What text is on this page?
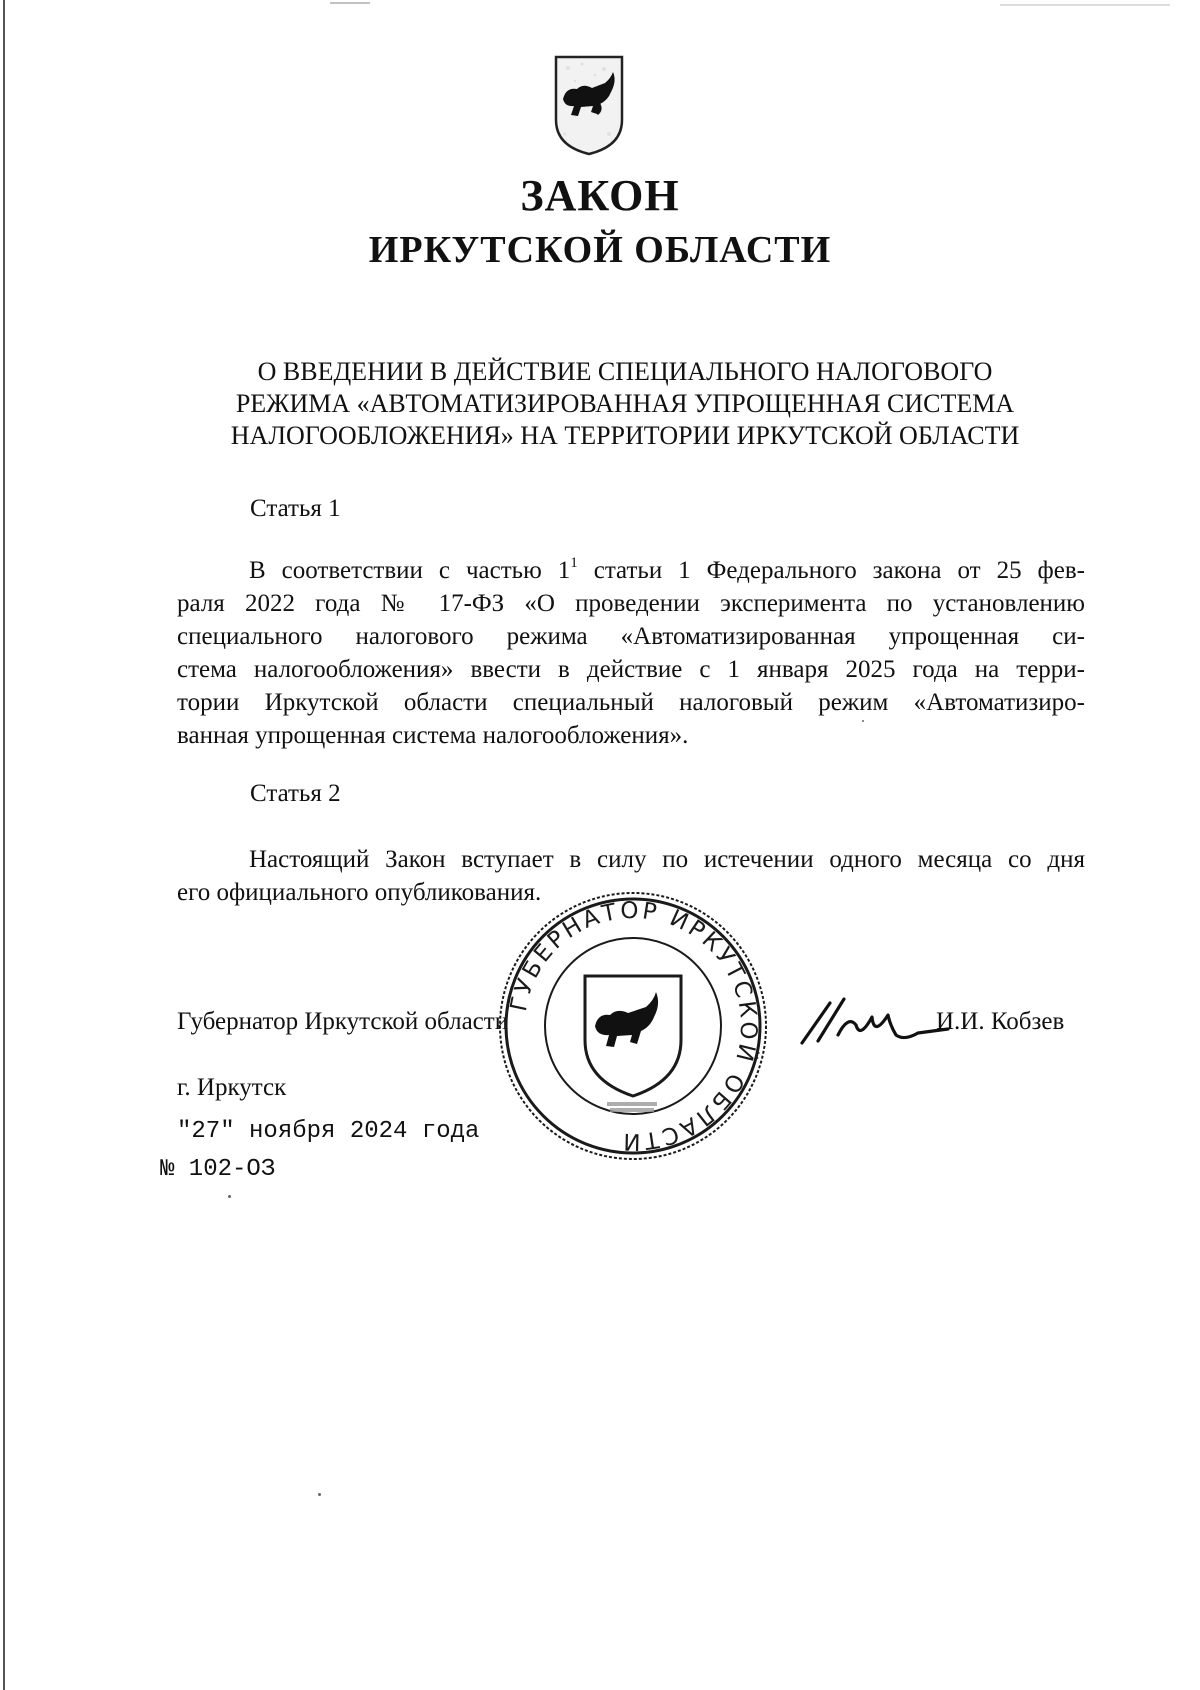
ЗАКОН
ИРКУТСКОЙ ОБЛАСТИ
О ВВЕДЕНИИ В ДЕЙСТВИЕ СПЕЦИАЛЬНОГО НАЛОГОВОГО
РЕЖИМА «АВТОМАТИЗИРОВАННАЯ УПРОЩЕННАЯ СИСТЕМА
НАЛОГООБЛОЖЕНИЯ» НА ТЕРРИТОРИИ ИРКУТСКОЙ ОБЛАСТИ
Статья 1
В соответствии с частью $1^1$ статьи 1 Федерального закона от 25 фев-
раля 2022 года № 17-ФЗ «О проведении эксперимента по установлению
специального налогового режима «Автоматизированная упрощенная си-
стема налогообложения» ввести в действие с 1 января 2025 года на терри-
тории Иркутской области специальный налоговый режим «Автоматизиро-
ванная упрощенная система налогообложения».
Статья 2
Настоящий Закон вступает в силу по истечении одного месяца со дня
его официального опубликования.
Губернатор Иркутской области	И.И. Кобзев
г. Иркутск
"27" ноября 2024 года
№ 102-ОЗ
ГУБЕРНАТОР ИРКУТСКОЙ ОБЛАСТИ
